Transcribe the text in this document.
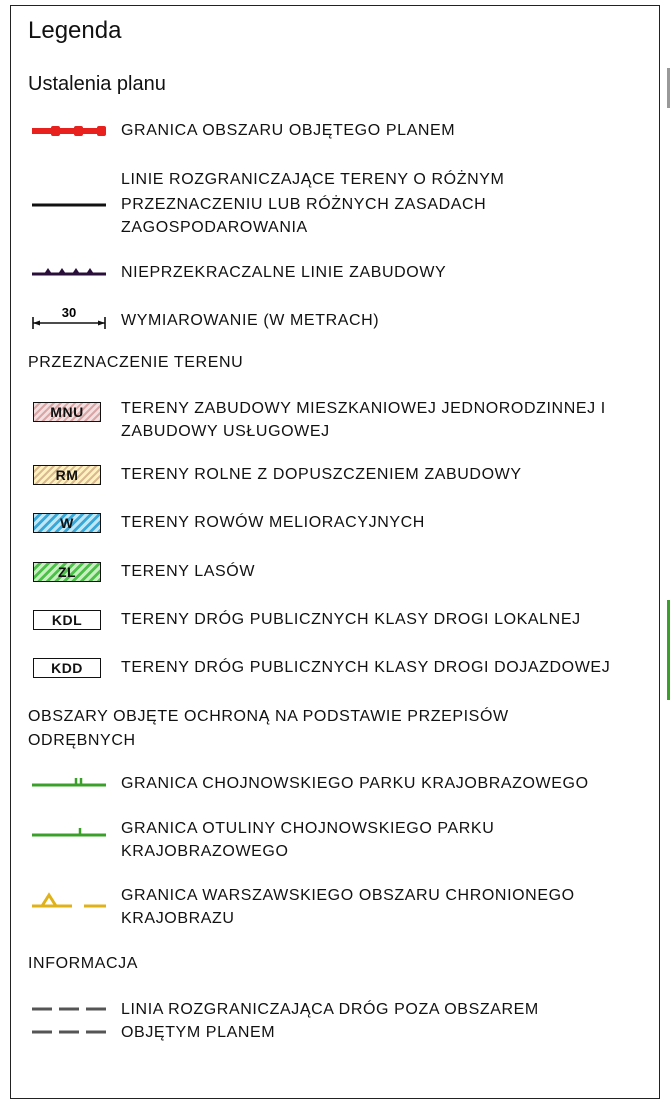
Legenda
Ustalenia planu
GRANICA OBSZARU OBJĘTEGO PLANEM
LINIE ROZGRANICZAJĄCE TERENY O RÓŻNYM
PRZEZNACZENIU LUB RÓŻNYCH ZASADACH
ZAGOSPODAROWANIA
NIEPRZEKRACZALNE LINIE ZABUDOWY
30	WYMIAROWANIE (W METRACH)
PRZEZNACZENIE TERENU
MNU	TERENY ZABUDOWY MIESZKANIOWEJ JEDNORODZINNEJ I
ZABUDOWY USŁUGOWEJ
RM	TERENY ROLNE Z DOPUSZCZENIEM ZABUDOWY
W	TERENY ROWÓW MELIORACYJNYCH
ZL	TERENY LASÓW
KDL	TERENY DRÓG PUBLICZNYCH KLASY DROGI LOKALNEJ
KDD	TERENY DRÓG PUBLICZNYCH KLASY DROGI DOJAZDOWEJ
OBSZARY OBJĘTE OCHRONĄ NA PODSTAWIE PRZEPISÓW
ODRĘBNYCH
GRANICA CHOJNOWSKIEGO PARKU KRAJOBRAZOWEGO
GRANICA OTULINY CHOJNOWSKIEGO PARKU
KRAJOBRAZOWEGO
GRANICA WARSZAWSKIEGO OBSZARU CHRONIONEGO
KRAJOBRAZU
INFORMACJA
LINIA ROZGRANICZAJĄCA DRÓG POZA OBSZAREM
OBJĘTYM PLANEM
